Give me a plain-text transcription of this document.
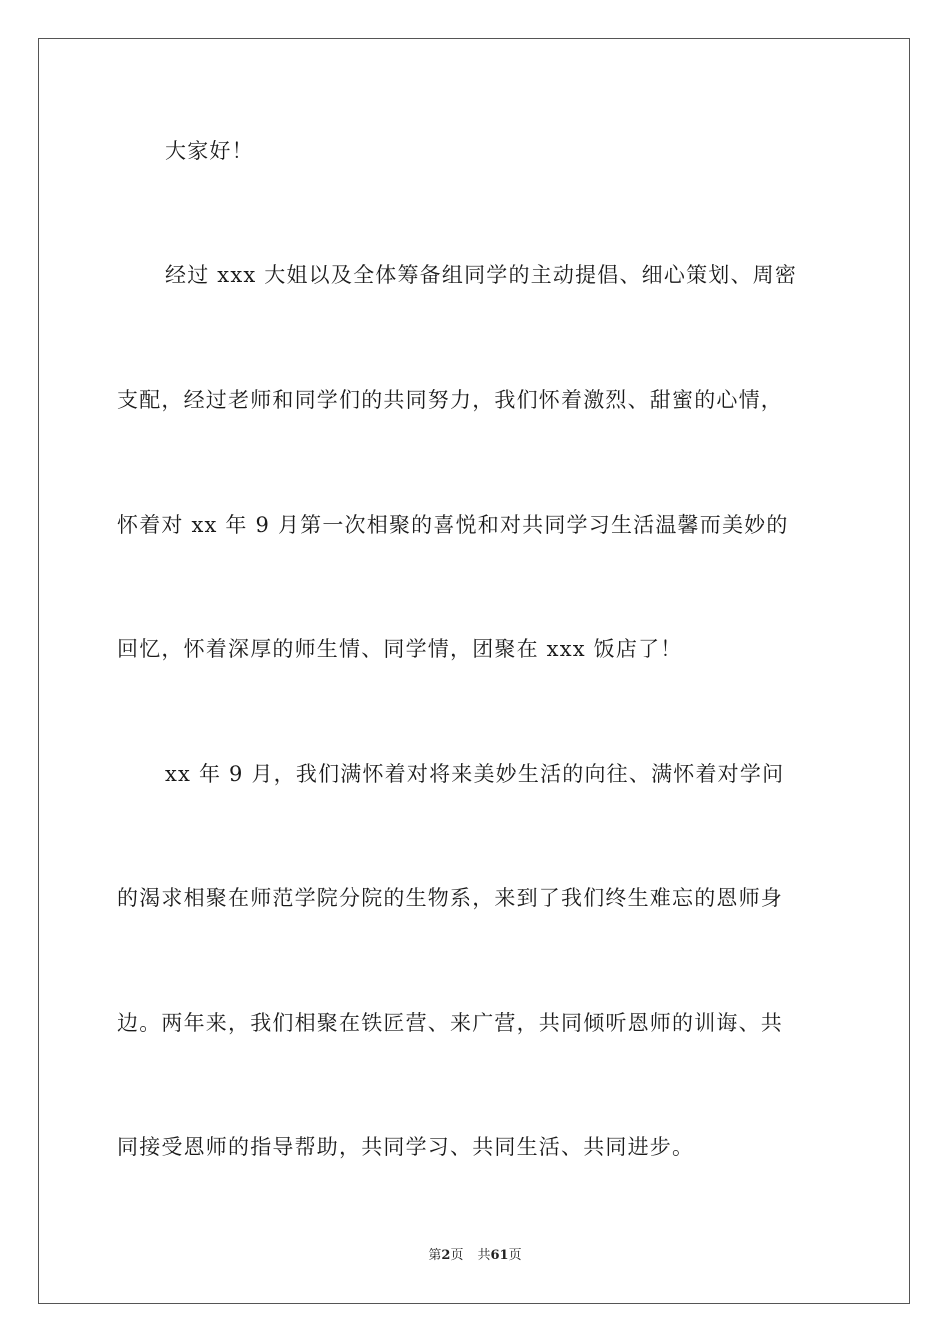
大家好！
经过 xxx 大姐以及全体筹备组同学的主动提倡、细心策划、周密
支配，经过老师和同学们的共同努力，我们怀着激烈、甜蜜的心情，
怀着对 xx 年 9 月第一次相聚的喜悦和对共同学习生活温馨而美妙的
回忆，怀着深厚的师生情、同学情，团聚在 xxx 饭店了！
xx 年 9 月，我们满怀着对将来美妙生活的向往、满怀着对学问
的渴求相聚在师范学院分院的生物系，来到了我们终生难忘的恩师身
边。两年来，我们相聚在铁匠营、来广营，共同倾听恩师的训诲、共
同接受恩师的指导帮助，共同学习、共同生活、共同进步。
第2页 共61页
